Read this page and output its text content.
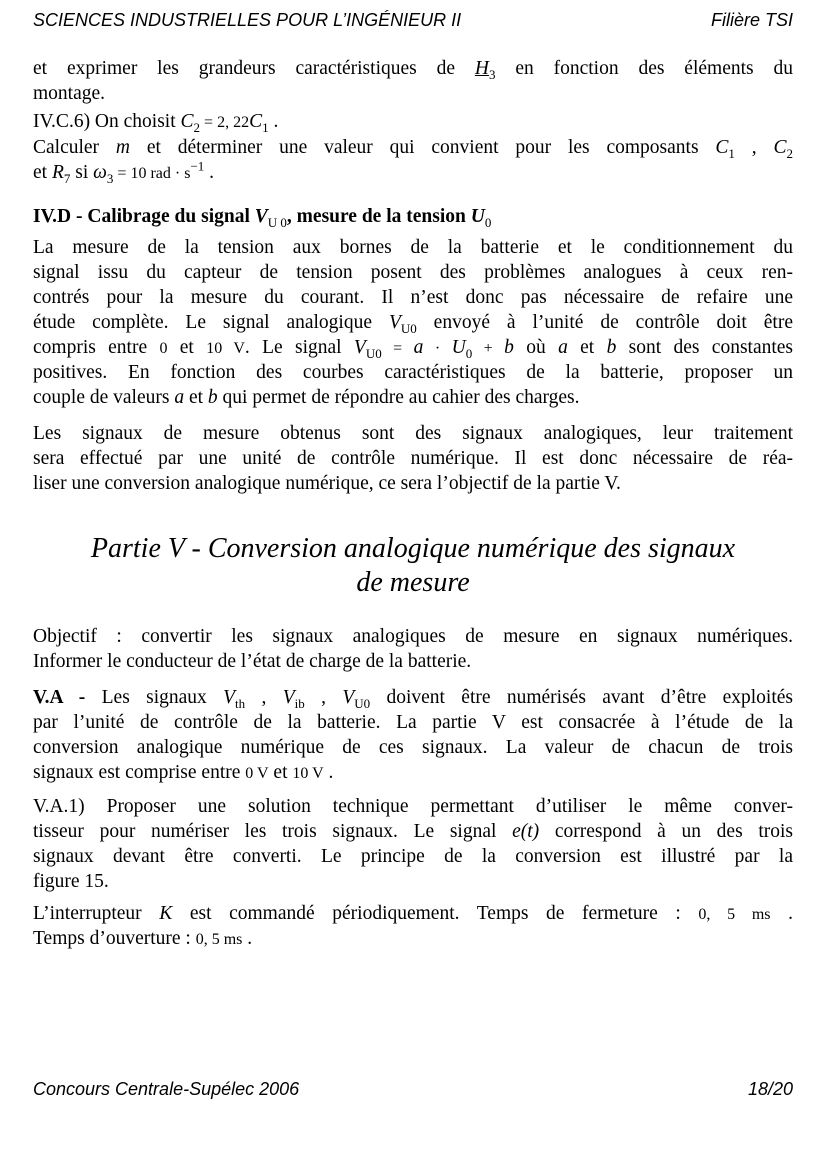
SCIENCES INDUSTRIELLES POUR L’INGÉNIEUR II	Filière TSI
et exprimer les grandeurs caractéristiques de $H_3$ en fonction des éléments du
montage.
IV.C.6) On choisit $C_2 = 2$, $22C_1$ .
Calculer m et déterminer une valeur qui convient pour les composants $C_1$ , $C_2$
et $R_7$ si $\omega_3 = 10$ rad · $s^{-1}$ .
IV.D - Calibrage du signal $V_{U 0}$, mesure de la tension $U_0$
La mesure de la tension aux bornes de la batterie et le conditionnement du
signal issu du capteur de tension posent des problèmes analogues à ceux ren-
contrés pour la mesure du courant. Il n’est donc pas nécessaire de refaire une
étude complète. Le signal analogique $V_{U0}$ envoyé à l’unité de contrôle doit être
compris entre 0 et 10 V. Le signal $V_{U0} = a \cdot U_0 + b$ où a et b sont des constantes
positives. En fonction des courbes caractéristiques de la batterie, proposer un
couple de valeurs a et b qui permet de répondre au cahier des charges.
Les signaux de mesure obtenus sont des signaux analogiques, leur traitement
sera effectué par une unité de contrôle numérique. Il est donc nécessaire de réa-
liser une conversion analogique numérique, ce sera l’objectif de la partie V.
Partie V - Conversion analogique numérique des signaux
de mesure
Objectif : convertir les signaux analogiques de mesure en signaux numériques.
Informer le conducteur de l’état de charge de la batterie.
V.A - Les signaux $V_{th}$ , $V_{ib}$ , $V_{U0}$ doivent être numérisés avant d’être exploités
par l’unité de contrôle de la batterie. La partie V est consacrée à l’étude de la
conversion analogique numérique de ces signaux. La valeur de chacun de trois
signaux est comprise entre 0 V et 10 V .
V.A.1) Proposer une solution technique permettant d’utiliser le même conver-
tisseur pour numériser les trois signaux. Le signal e(t) correspond à un des trois
signaux devant être converti. Le principe de la conversion est illustré par la
figure 15.
L’interrupteur K est commandé périodiquement. Temps de fermeture : 0, 5 ms .
Temps d’ouverture : 0, 5 ms .
Concours Centrale-Supélec 2006	18/20
